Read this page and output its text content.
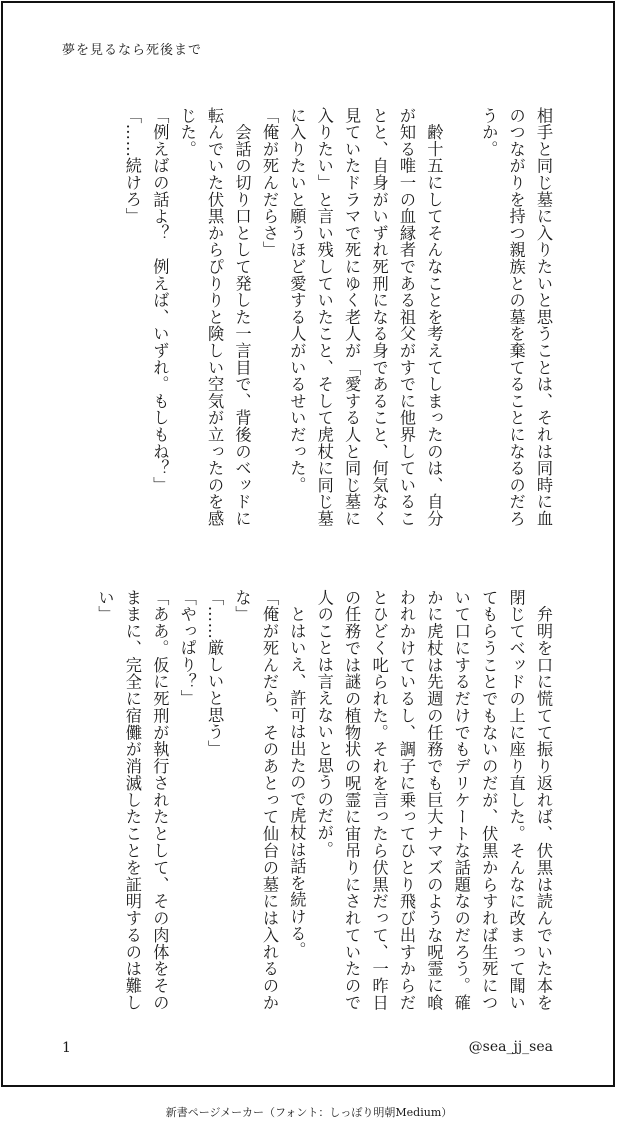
夢を見るなら死後まで

相手と同じ墓に入りたいと思うことは、それは同時に血のつながりを持つ親族との墓を棄てることになるのだろうか。

　齢十五にしてそんなことを考えてしまったのは、自分が知る唯一の血縁者である祖父がすでに他界していることと、自身がいずれ死刑になる身であること、何気なく見ていたドラマで死にゆく老人が「愛する人と同じ墓に入りたい」と言い残していたこと、そして虎杖に同じ墓に入りたいと願うほど愛する人がいるせいだった。

「俺が死んだらさ」

　会話の切り口として発した一言目で、背後のベッドに転んでいた伏黒からぴりりと険しい空気が立ったのを感じた。

「例えばの話よ？　例えば、いずれ。もしもね？」

「……続けろ」

　弁明を口に慌てて振り返れば、伏黒は読んでいた本を閉じてベッドの上に座り直した。そんなに改まって聞いてもらうことでもないのだが、伏黒からすれば生死について口にするだけでもデリケートな話題なのだろう。確かに虎杖は先週の任務でも巨大ナマズのような呪霊に喰われかけているし、調子に乗ってひとり飛び出すからだとひどく叱られた。それを言ったら伏黒だって、一昨日の任務では謎の植物状の呪霊に宙吊りにされていたので人のことは言えないと思うのだが。

　とはいえ、許可は出たので虎杖は話を続ける。

「俺が死んだら、そのあとって仙台の墓には入れるのかな」

「……厳しいと思う」

「やっぱり？」

「ああ。仮に死刑が執行されたとして、その肉体をそのままに、完全に宿儺が消滅したことを証明するのは難しい」

1	@sea_jj_sea
新書ページメーカー（フォント：しっぽり明朝Medium）
